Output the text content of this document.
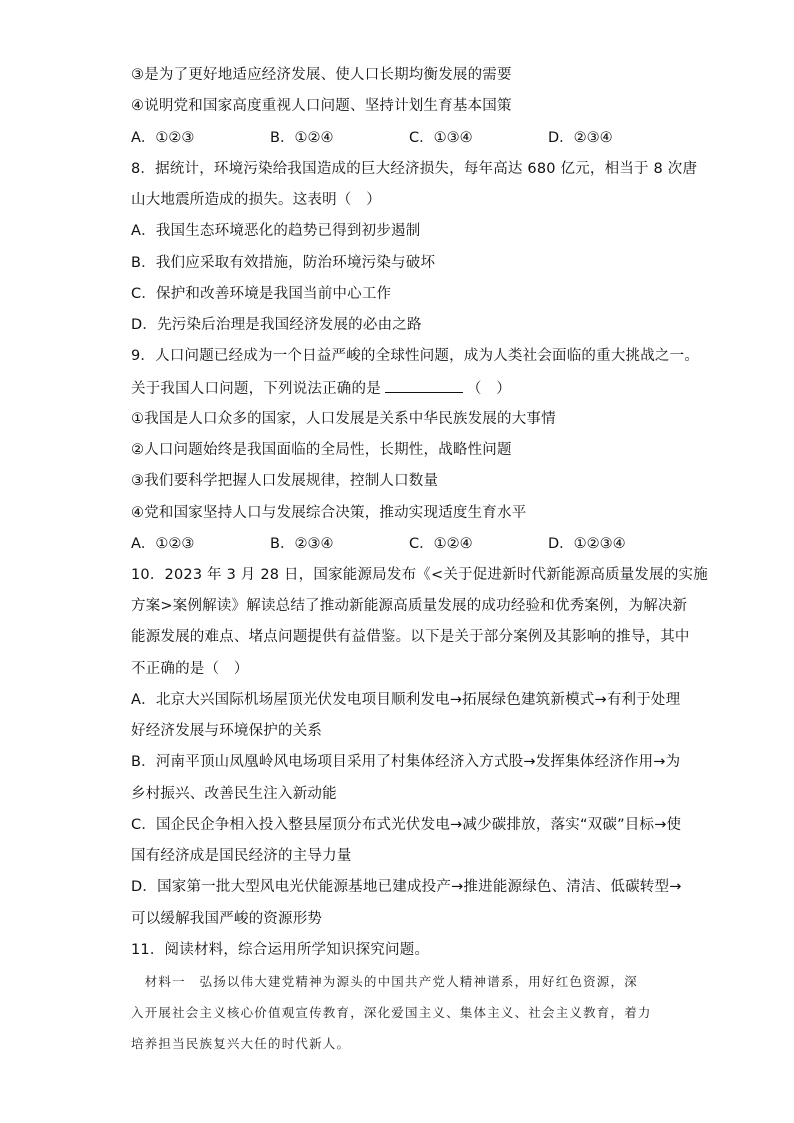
③是为了更好地适应经济发展、使人口长期均衡发展的需要
④说明党和国家高度重视人口问题、坚持计划生育基本国策
A．①②③	B．①②④	C．①③④	D．②③④
8．据统计，环境污染给我国造成的巨大经济损失，每年高达 680 亿元，相当于 8 次唐
山大地震所造成的损失。这表明（　）
A．我国生态环境恶化的趋势已得到初步遏制
B．我们应采取有效措施，防治环境污染与破坏
C．保护和改善环境是我国当前中心工作
D．先污染后治理是我国经济发展的必由之路
9．人口问题已经成为一个日益严峻的全球性问题，成为人类社会面临的重大挑战之一。
关于我国人口问题，下列说法正确的是	（　）
①我国是人口众多的国家，人口发展是关系中华民族发展的大事情
②人口问题始终是我国面临的全局性，长期性，战略性问题
③我们要科学把握人口发展规律，控制人口数量
④党和国家坚持人口与发展综合决策，推动实现适度生育水平
A．①②③	B．②③④	C．①②④	D．①②③④
10．2023 年 3 月 28 日，国家能源局发布《<关于促进新时代新能源高质量发展的实施
方案>案例解读》解读总结了推动新能源高质量发展的成功经验和优秀案例，为解决新
能源发展的难点、堵点问题提供有益借鉴。以下是关于部分案例及其影响的推导，其中
不正确的是（　）
A．北京大兴国际机场屋顶光伏发电项目顺利发电→拓展绿色建筑新模式→有利于处理
好经济发展与环境保护的关系
B．河南平顶山凤凰岭风电场项目采用了村集体经济入方式股→发挥集体经济作用→为
乡村振兴、改善民生注入新动能
C．国企民企争相入投入整县屋顶分布式光伏发电→减少碳排放，落实“双碳”目标→使
国有经济成是国民经济的主导力量
D．国家第一批大型风电光伏能源基地已建成投产→推进能源绿色、清洁、低碳转型→
可以缓解我国严峻的资源形势
11．阅读材料，综合运用所学知识探究问题。
　材料一　弘扬以伟大建党精神为源头的中国共产党人精神谱系，用好红色资源，深
入开展社会主义核心价值观宣传教育，深化爱国主义、集体主义、社会主义教育，着力
培养担当民族复兴大任的时代新人。
